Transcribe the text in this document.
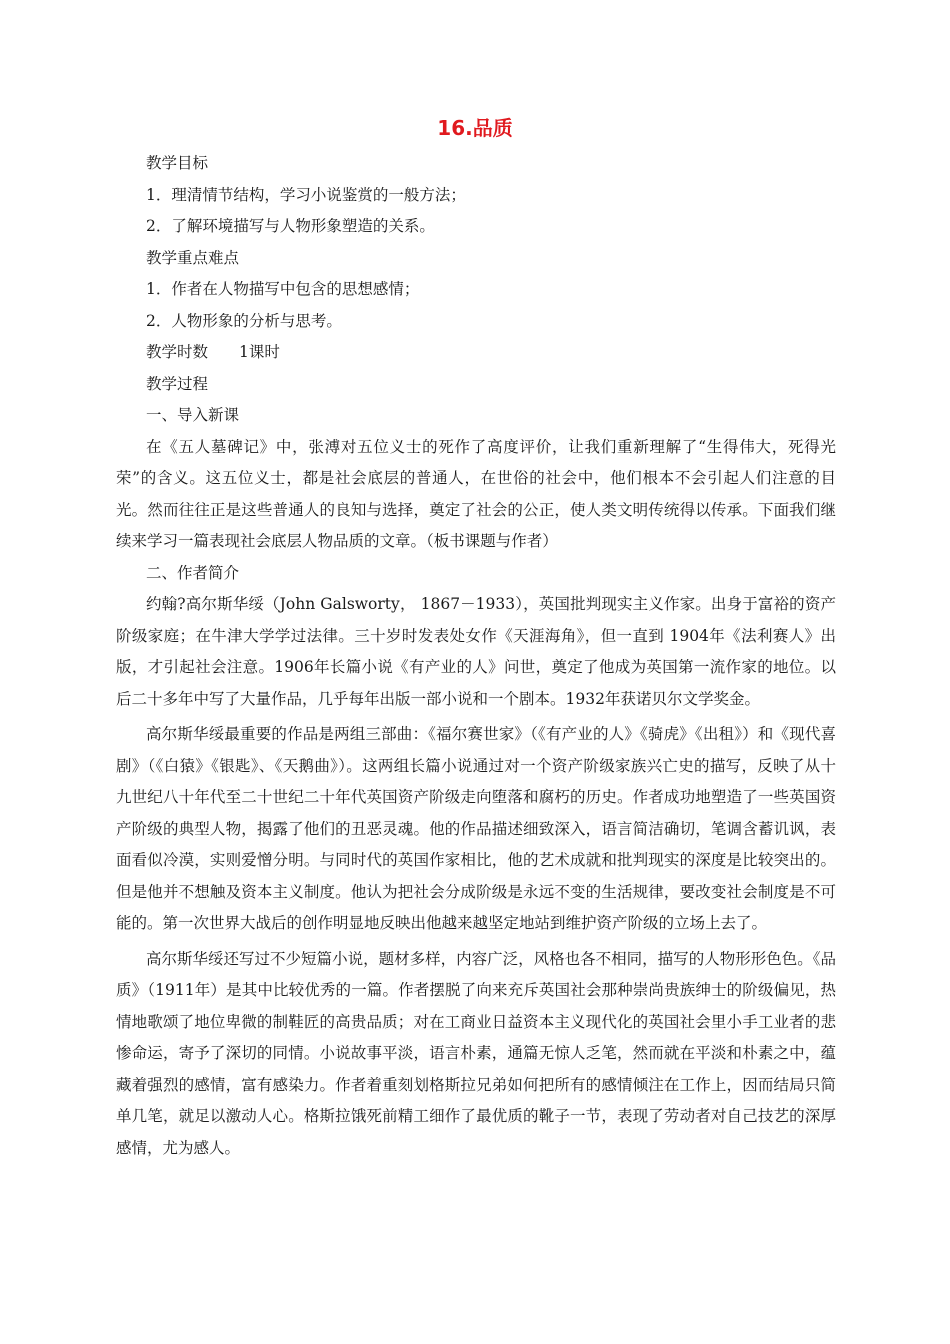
16.品质
教学目标
1．理清情节结构，学习小说鉴赏的一般方法；
2．了解环境描写与人物形象塑造的关系。
教学重点难点
1．作者在人物描写中包含的思想感情；
2．人物形象的分析与思考。
教学时数　　1课时
教学过程
一、导入新课

在《五人墓碑记》中，张溥对五位义士的死作了高度评价，让我们重新理解了“生得伟大，死得光荣”的含义。这五位义士，都是社会底层的普通人，在世俗的社会中，他们根本不会引起人们注意的目光。然而往往正是这些普通人的良知与选择，奠定了社会的公正，使人类文明传统得以传承。下面我们继续来学习一篇表现社会底层人物品质的文章。（板书课题与作者）

二、作者简介

约翰?高尔斯华绥（John Galsworty， 1867－1933），英国批判现实主义作家。出身于富裕的资产阶级家庭；在牛津大学学过法律。三十岁时发表处女作《天涯海角》，但一直到 1904年《法利赛人》出版，才引起社会注意。1906年长篇小说《有产业的人》问世，奠定了他成为英国第一流作家的地位。以后二十多年中写了大量作品，几乎每年出版一部小说和一个剧本。1932年获诺贝尔文学奖金。

高尔斯华绥最重要的作品是两组三部曲：《福尔赛世家》（《有产业的人》《骑虎》《出租》）和《现代喜剧》（《白猿》《银匙》、《天鹅曲》）。这两组长篇小说通过对一个资产阶级家族兴亡史的描写，反映了从十九世纪八十年代至二十世纪二十年代英国资产阶级走向堕落和腐朽的历史。作者成功地塑造了一些英国资产阶级的典型人物，揭露了他们的丑恶灵魂。他的作品描述细致深入，语言简洁确切，笔调含蓄讥讽，表面看似冷漠，实则爱憎分明。与同时代的英国作家相比，他的艺术成就和批判现实的深度是比较突出的。但是他并不想触及资本主义制度。他认为把社会分成阶级是永远不变的生活规律，要改变社会制度是不可能的。第一次世界大战后的创作明显地反映出他越来越坚定地站到维护资产阶级的立场上去了。

高尔斯华绥还写过不少短篇小说，题材多样，内容广泛，风格也各不相同，描写的人物形形色色。《品质》（1911年）是其中比较优秀的一篇。作者摆脱了向来充斥英国社会那种崇尚贵族绅士的阶级偏见，热情地歌颂了地位卑微的制鞋匠的高贵品质；对在工商业日益资本主义现代化的英国社会里小手工业者的悲惨命运，寄予了深切的同情。小说故事平淡，语言朴素，通篇无惊人乏笔，然而就在平淡和朴素之中，蕴藏着强烈的感情，富有感染力。作者着重刻划格斯拉兄弟如何把所有的感情倾注在工作上，因而结局只简单几笔，就足以激动人心。格斯拉饿死前精工细作了最优质的靴子一节，表现了劳动者对自己技艺的深厚感情，尤为感人。
